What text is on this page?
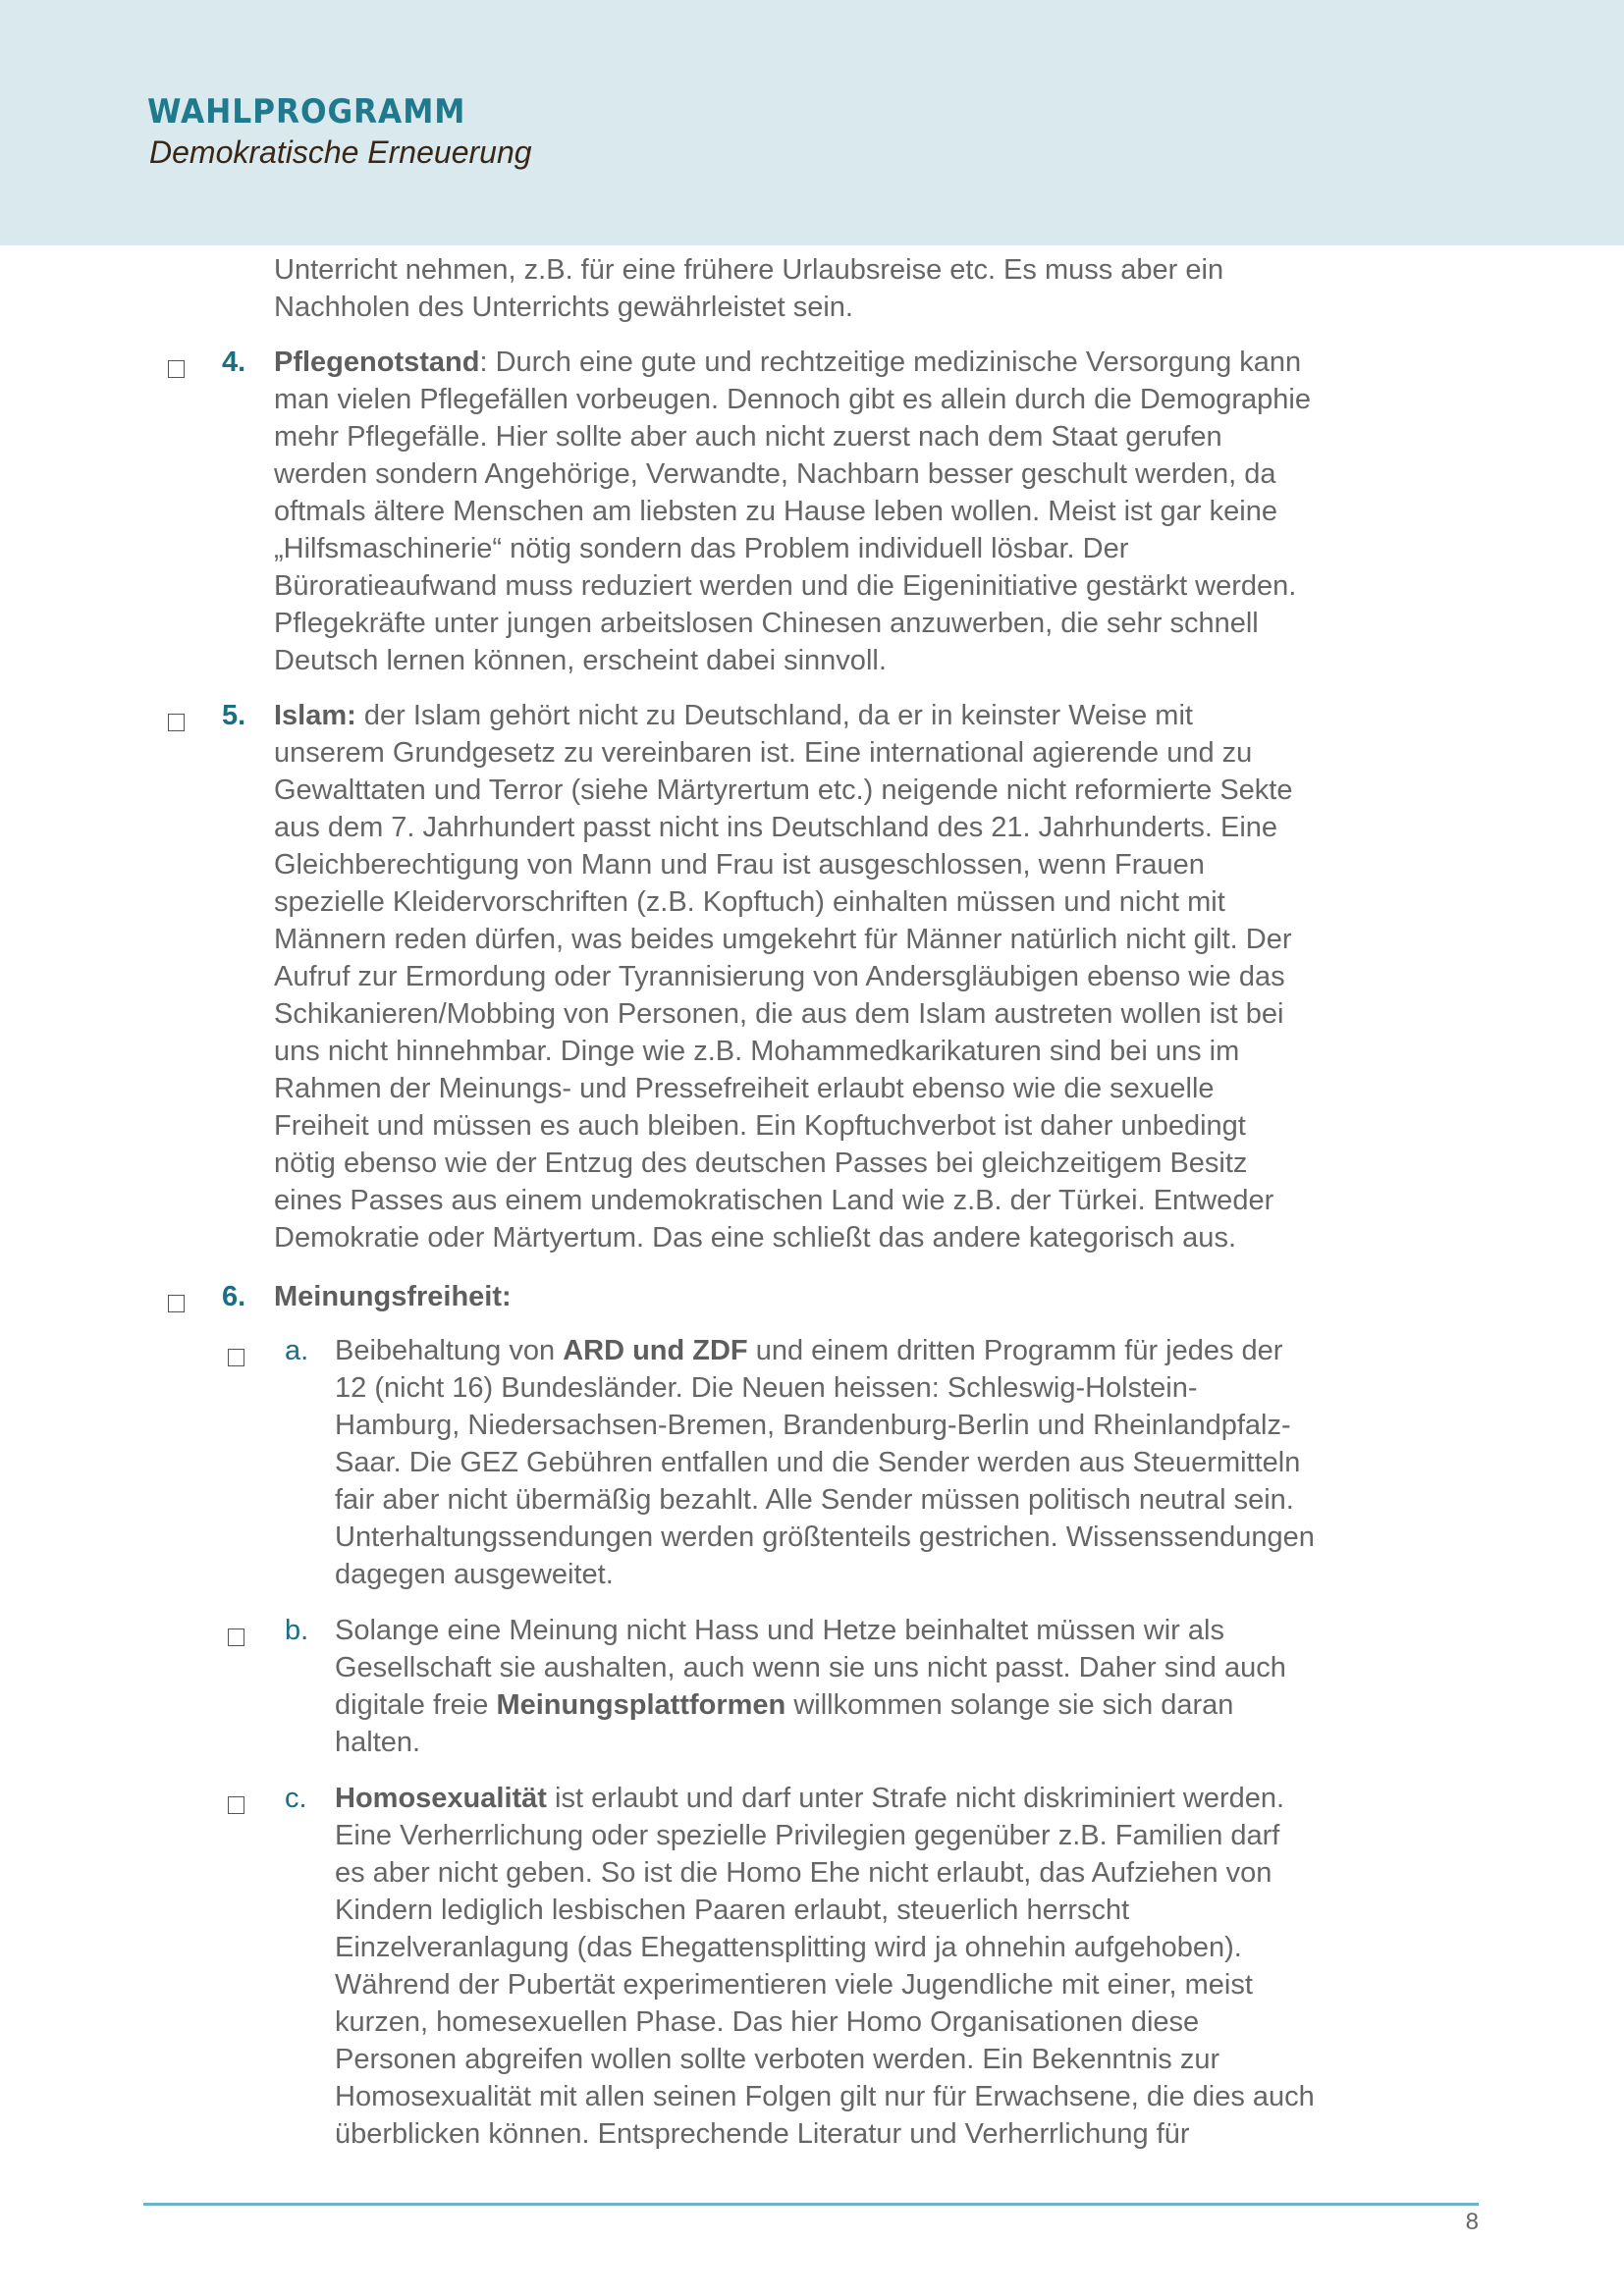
WAHLPROGRAMM
Demokratische Erneuerung
Unterricht nehmen, z.B. für eine frühere Urlaubsreise etc. Es muss aber ein
Nachholen des Unterrichts gewährleistet sein.
4. Pflegenotstand: Durch eine gute und rechtzeitige medizinische Versorgung kann
man vielen Pflegefällen vorbeugen. Dennoch gibt es allein durch die Demographie
mehr Pflegefälle. Hier sollte aber auch nicht zuerst nach dem Staat gerufen
werden sondern Angehörige, Verwandte, Nachbarn besser geschult werden, da
oftmals ältere Menschen am liebsten zu Hause leben wollen. Meist ist gar keine
„Hilfsmaschinerie“ nötig sondern das Problem individuell lösbar. Der
Büroratieaufwand muss reduziert werden und die Eigeninitiative gestärkt werden.
Pflegekräfte unter jungen arbeitslosen Chinesen anzuwerben, die sehr schnell
Deutsch lernen können, erscheint dabei sinnvoll.
5. Islam: der Islam gehört nicht zu Deutschland, da er in keinster Weise mit
unserem Grundgesetz zu vereinbaren ist. Eine international agierende und zu
Gewalttaten und Terror (siehe Märtyrertum etc.) neigende nicht reformierte Sekte
aus dem 7. Jahrhundert passt nicht ins Deutschland des 21. Jahrhunderts. Eine
Gleichberechtigung von Mann und Frau ist ausgeschlossen, wenn Frauen
spezielle Kleidervorschriften (z.B. Kopftuch) einhalten müssen und nicht mit
Männern reden dürfen, was beides umgekehrt für Männer natürlich nicht gilt. Der
Aufruf zur Ermordung oder Tyrannisierung von Andersgläubigen ebenso wie das
Schikanieren/Mobbing von Personen, die aus dem Islam austreten wollen ist bei
uns nicht hinnehmbar. Dinge wie z.B. Mohammedkarikaturen sind bei uns im
Rahmen der Meinungs- und Pressefreiheit erlaubt ebenso wie die sexuelle
Freiheit und müssen es auch bleiben. Ein Kopftuchverbot ist daher unbedingt
nötig ebenso wie der Entzug des deutschen Passes bei gleichzeitigem Besitz
eines Passes aus einem undemokratischen Land wie z.B. der Türkei. Entweder
Demokratie oder Märtyertum. Das eine schließt das andere kategorisch aus.
6. Meinungsfreiheit:
a. Beibehaltung von ARD und ZDF und einem dritten Programm für jedes der
12 (nicht 16) Bundesländer. Die Neuen heissen: Schleswig-Holstein-
Hamburg, Niedersachsen-Bremen, Brandenburg-Berlin und Rheinlandpfalz-
Saar. Die GEZ Gebühren entfallen und die Sender werden aus Steuermitteln
fair aber nicht übermäßig bezahlt. Alle Sender müssen politisch neutral sein.
Unterhaltungssendungen werden größtenteils gestrichen. Wissenssendungen
dagegen ausgeweitet.
b. Solange eine Meinung nicht Hass und Hetze beinhaltet müssen wir als
Gesellschaft sie aushalten, auch wenn sie uns nicht passt. Daher sind auch
digitale freie Meinungsplattformen willkommen solange sie sich daran
halten.
c. Homosexualität ist erlaubt und darf unter Strafe nicht diskriminiert werden.
Eine Verherrlichung oder spezielle Privilegien gegenüber z.B. Familien darf
es aber nicht geben. So ist die Homo Ehe nicht erlaubt, das Aufziehen von
Kindern lediglich lesbischen Paaren erlaubt, steuerlich herrscht
Einzelveranlagung (das Ehegattensplitting wird ja ohnehin aufgehoben).
Während der Pubertät experimentieren viele Jugendliche mit einer, meist
kurzen, homesexuellen Phase. Das hier Homo Organisationen diese
Personen abgreifen wollen sollte verboten werden. Ein Bekenntnis zur
Homosexualität mit allen seinen Folgen gilt nur für Erwachsene, die dies auch
überblicken können. Entsprechende Literatur und Verherrlichung für
8
